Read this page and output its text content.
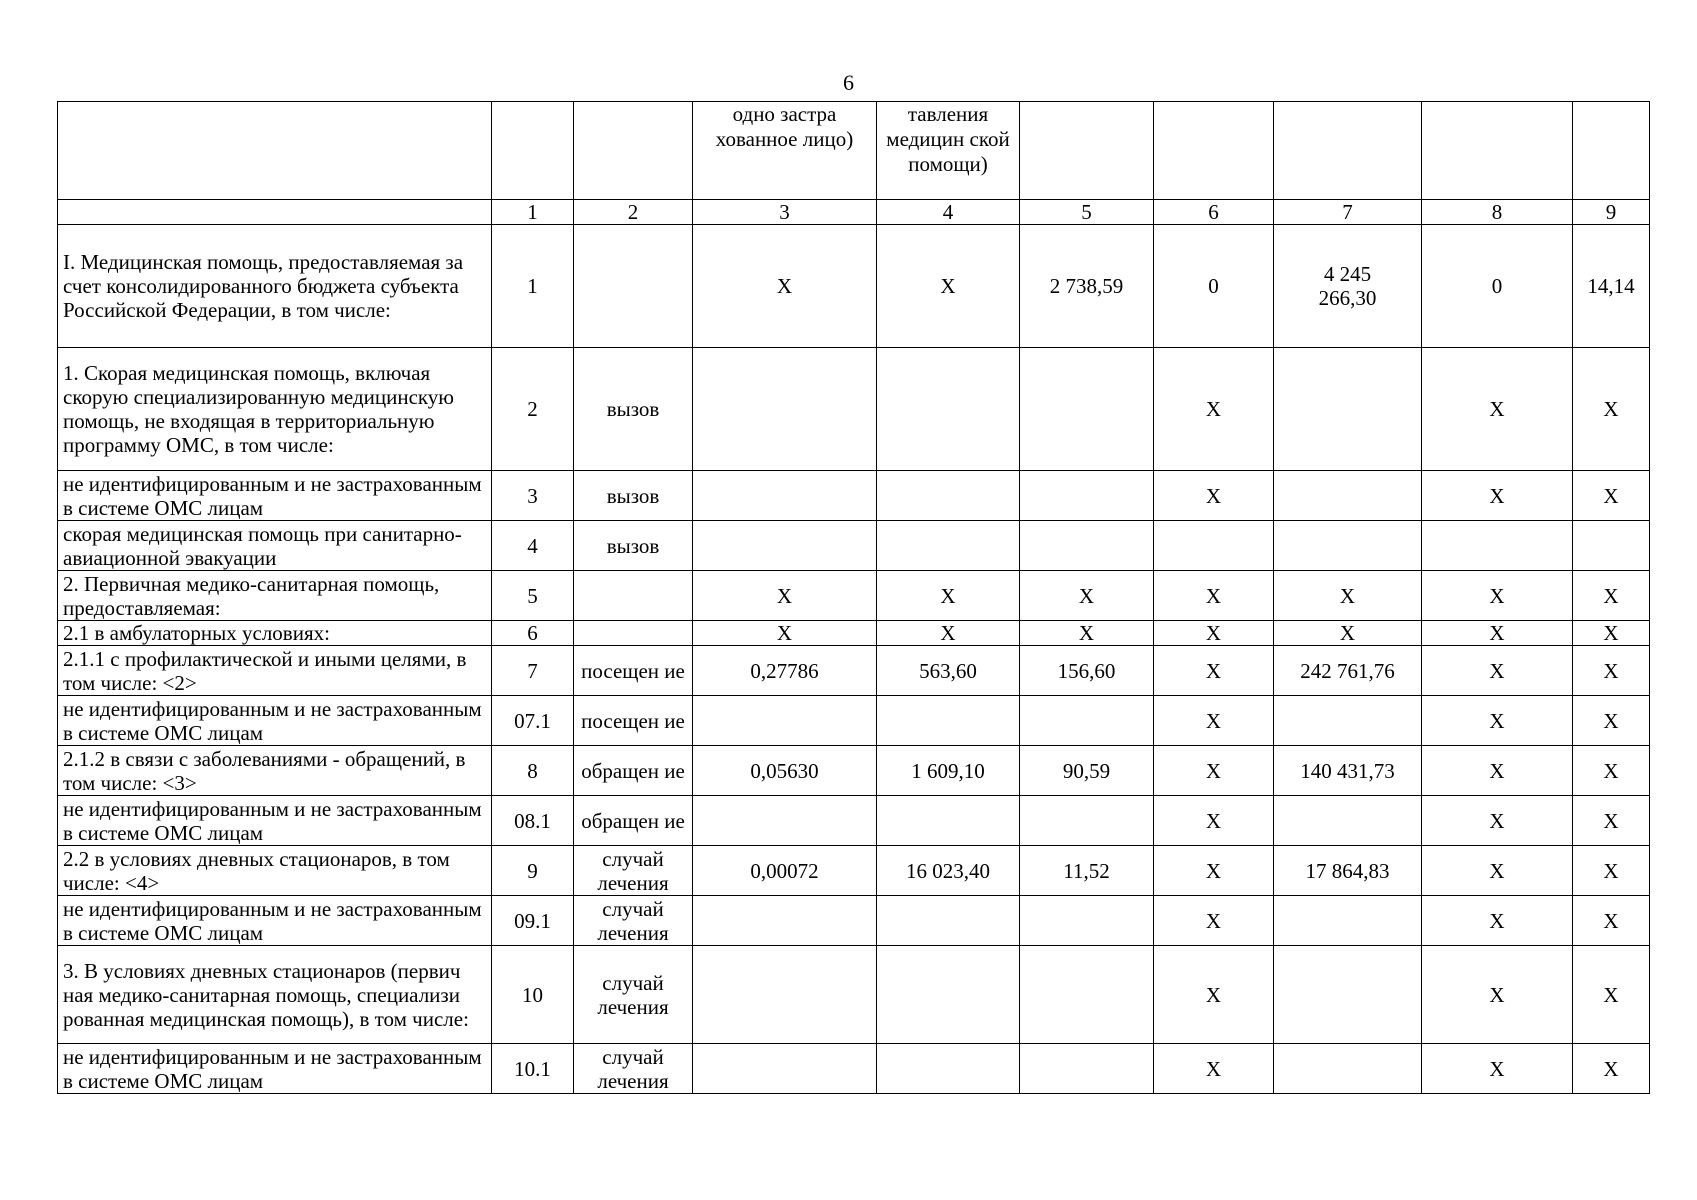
6
			одно застра хованное лицо)	тавления медицин ской помощи)					
	1	2	3	4	5	6	7	8	9
I. Медицинская помощь, предоставляемая за счет консолидированного бюджета субъекта Российской Федерации, в том числе:	1		Х	Х	2 738,59	0	4 245 266,30	0	14,14
1. Скорая медицинская помощь, включая скорую специализированную медицинскую помощь, не входящая в территориальную программу ОМС, в том числе:	2	вызов				Х		Х	Х
не идентифицированным и не застрахованным в системе ОМС лицам	3	вызов				Х		Х	Х
скорая медицинская помощь при санитарно-авиационной эвакуации	4	вызов							
2. Первичная медико-санитарная помощь, предоставляемая:	5		Х	Х	Х	Х	Х	Х	Х
2.1 в амбулаторных условиях:	6		Х	Х	Х	Х	Х	Х	Х
2.1.1 с профилактической и иными целями, в том числе: <2>	7	посещен ие	0,27786	563,60	156,60	Х	242 761,76	Х	Х
не идентифицированным и не застрахованным в системе ОМС лицам	07.1	посещен ие				Х		Х	Х
2.1.2 в связи с заболеваниями - обращений, в том числе: <3>	8	обращен ие	0,05630	1 609,10	90,59	Х	140 431,73	Х	Х
не идентифицированным и не застрахованным в системе ОМС лицам	08.1	обращен ие				Х		Х	Х
2.2 в условиях дневных стационаров, в том числе: <4>	9	случай лечения	0,00072	16 023,40	11,52	Х	17 864,83	Х	Х
не идентифицированным и не застрахованным в системе ОМС лицам	09.1	случай лечения				Х		Х	Х
3. В условиях дневных стационаров (первич ная медико-санитарная помощь, специализи рованная медицинская помощь), в том числе:	10	случай лечения				Х		Х	Х
не идентифицированным и не застрахованным в системе ОМС лицам	10.1	случай лечения				Х		Х	Х
